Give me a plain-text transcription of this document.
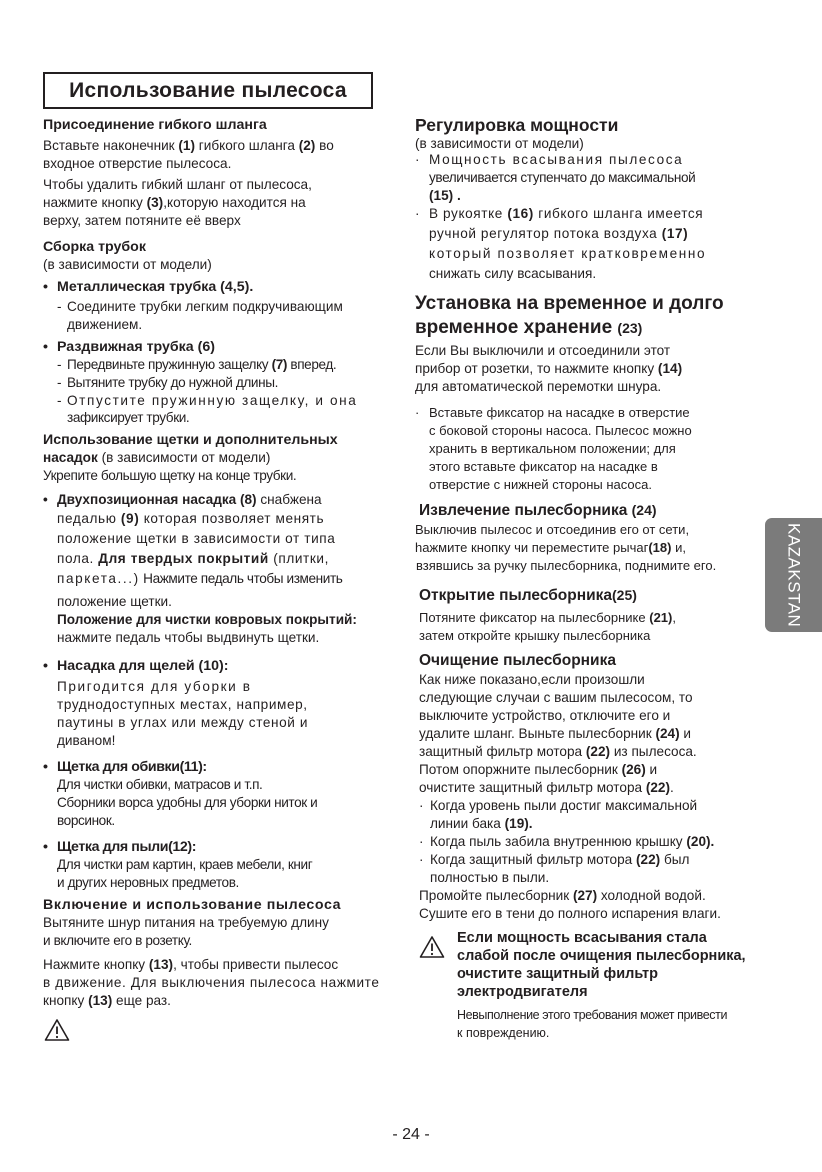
Использование пылесоса

Присоединение гибкого шланга

Вставьте наконечник (1) гибкого шланга (2) во

входное отверстие пылесоса.

Чтобы удалить гибкий шланг от пылесоса,

нажмите кнопку (3),которую находится на

верху, затем потяните её вверх

Сборка трубок

(в зависимости от модели)

• Металлическая трубка (4,5).

- Соедините трубки легким подкручивающим

движением.

• Раздвижная трубка (6)

- Передвиньте пружинную защелку (7) вперед.

- Вытяните трубку до нужной длины.

- Отпустите пружинную защелку, и она

зафиксирует трубки.

Использование щетки и дополнительных

насадок (в зависимости от модели)

Укрепите большую щетку на конце трубки.

• Двухпозиционная насадка (8) снабжена

педалью (9) которая позволяет менять

положение щетки в зависимости от типа

пола. Для твердых покрытий (плитки,

паркета...) Нажмите педаль чтобы изменить

положение щетки.

Положение для чистки ковровых покрытий:

нажмите педаль чтобы выдвинуть щетки.

• Насадка для щелей (10):

Пригодится для уборки в

труднодоступных местах, например,

паутины в углах или между стеной и

диваном!

• Щетка для обивки(11):

Для чистки обивки, матрасов и т.п.

Сборники ворса удобны для уборки ниток и

ворсинок.

• Щетка для пыли(12):

Для чистки рам картин, краев мебели, книг

и других неровных предметов.

Включение и использование пылесоса

Вытяните шнур питания на требуемую длину

и включите его в розетку.

Нажмите кнопку (13), чтобы привести пылесос

в движение. Для выключения пылесоса нажмите

кнопку (13) еще раз.

Регулировка мощности

(в зависимости от модели)

· Мощность всасывания пылесоса

увеличивается ступенчато до максимальной

(15) .

· В рукоятке (16) гибкого шланга имеется

ручной регулятор потока воздуха (17)

который позволяет кратковременно

снижать силу всасывания.

Установка на временное и долго

временное хранение (23)

Если Вы выключили и отсоединили этот

прибор от розетки, то нажмите кнопку (14)

для автоматической перемотки шнура.

· Вставьте фиксатор на насадке в отверстие

с боковой стороны насоса. Пылесос можно

хранить в вертикальном положении; для

этого вставьте фиксатор на насадке в

отверстие с нижней стороны насоса.

Извлечение пылесборника (24)

Выключив пылесос и отсоединив его от сети,

hажмите кнопку чи переместите рычаг(18) и,

взявшись за ручку пылесборника, поднимите его.

Открытие пылесборника(25)

Потяните фиксатор на пылесборнике (21),

затем откройте крышку пылесборника

Очищение пылесборника

Как ниже показано,если произошли

следующие случаи с вашим пылесосом, то

выключите устройство, отключите его и

удалите шланг. Выньте пылесборник (24) и

защитный фильтр мотора (22) из пылесоса.

Потом опоржните пылесборник (26) и

очистите защитный фильтр мотора (22).

· Когда уровень пыли достиг максимальной

линии бака (19).

· Когда пыль забила внутреннюю крышку (20).

· Когда защитный фильтр мотора (22) был

полностью в пыли.

Промойте пылесборник (27) холодной водой.

Сушите его в тени до полного испарения влаги.

Если мощность всасывания стала

слабой после очищения пылесборника,

очистите защитный фильтр

электродвигателя

Невыполнение этого требования может привести

к повреждению.

KAZAKSTAN
- 24 -
